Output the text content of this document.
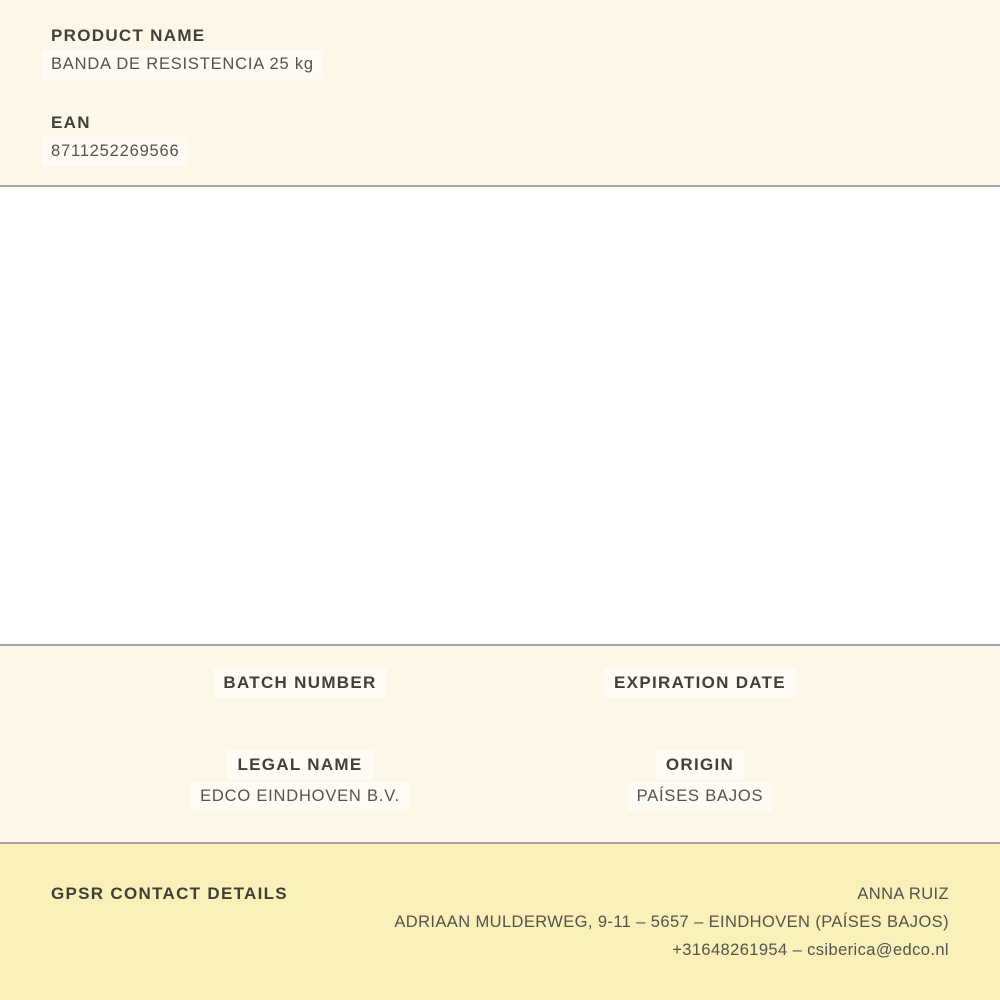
PRODUCT NAME
BANDA DE RESISTENCIA 25 kg
EAN
8711252269566
BATCH NUMBER	EXPIRATION DATE
LEGAL NAME
EDCO EINDHOVEN B.V.
ORIGIN
PAÍSES BAJOS
GPSR CONTACT DETAILS	ANNA RUIZ
ADRIAAN MULDERWEG, 9-11 – 5657 – EINDHOVEN (PAÍSES BAJOS)
+31648261954 – csiberica@edco.nl
